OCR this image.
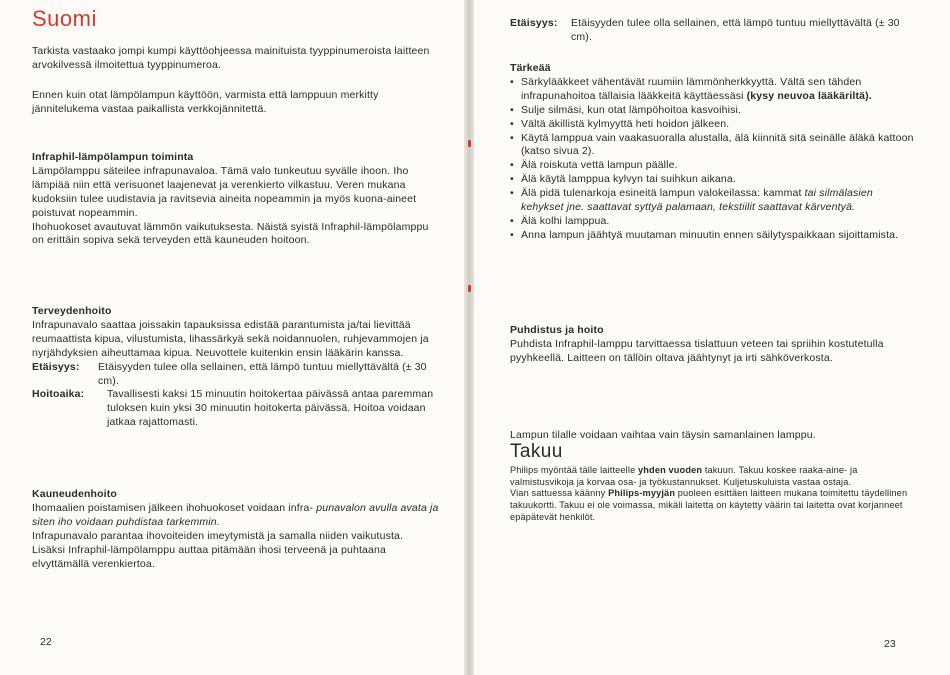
Suomi
Tarkista vastaako jompi kumpi käyttöohjeessa mainituista tyyppinumeroista laitteen arvokilvessä ilmoitettua tyyppinumeroa.
Ennen kuin otat lämpölampun käyttöön, varmista että lamppuun merkitty jännitelukema vastaa paikallista verkkojännitettä.
Infraphil-lämpölampun toiminta
Lämpölamppu säteilee infrapunavaloa. Tämä valo tunkeutuu syvälle ihoon. Iho lämpiää niin että verisuonet laajenevat ja verenkierto vilkastuu. Veren mukana kudoksiin tulee uudistavia ja ravitsevia aineita nopeammin ja myös kuona-aineet poistuvat nopeammin.
Ihohuokoset avautuvat lämmön vaikutuksesta. Näistä syistä Infraphil-lämpölamppu on erittäin sopiva sekä terveyden että kauneuden hoitoon.
Terveydenhoito
Infrapunavalo saattaa joissakin tapauksissa edistää parantumista ja/tai lievittää reumaattista kipua, vilustumista, lihassärkyä sekä noidannuolen, ruhjevammojen ja nyrjähdyksien aiheuttamaa kipua. Neuvottele kuitenkin ensin lääkärin kanssa.
Etäisyys:	Etäisyyden tulee olla sellainen, että lämpö tuntuu miellyttävältä (± 30 cm).
Hoitoaika:	Tavallisesti kaksi 15 minuutin hoitokertaa päivässä antaa paremman tuloksen kuin yksi 30 minuutin hoitokerta päivässä. Hoitoa voidaan jatkaa rajattomasti.
Kauneudenhoito
Ihomaalien poistamisen jälkeen ihohuokoset voidaan infra- punavalon avulla avata ja siten iho voidaan puhdistaa tarkemmin.
Infrapunavalo parantaa ihovoiteiden imeytymistä ja samalla niiden vaikutusta.
Lisäksi Infraphil-lämpölamppu auttaa pitämään ihosi terveenä ja puhtaana elvyttämällä verenkiertoa.
22
Etäisyys:	Etäisyyden tulee olla sellainen, että lämpö tuntuu miellyttävältä (± 30 cm).
Tärkeää
• Särkylääkkeet vähentävät ruumiin lämmönherkkyyttä. Vältä sen tähden infrapunahoitoa tällaisia lääkkeitä käyttäessäsi (kysy neuvoa lääkäriltä).
• Sulje silmäsi, kun otat lämpöhoitoa kasvoihisi.
• Vältä äkillistä kylmyyttä heti hoidon jälkeen.
• Käytä lamppua vain vaakasuoralla alustalla, älä kiinnitä sitä seinälle äläkä kattoon (katso sivua 2).
• Älä roiskuta vettä lampun päälle.
• Älä käytä lamppua kylvyn tai suihkun aikana.
• Älä pidä tulenarkoja esineitä lampun valokeilassa: kammat tai silmälasien kehykset jne. saattavat syttyä palamaan, tekstiilit saattavat kärventyä.
• Älä kolhi lamppua.
• Anna lampun jäähtyä muutaman minuutin ennen säilytyspaikkaan sijoittamista.
Puhdistus ja hoito
Puhdista Infraphil-lamppu tarvittaessa tislattuun veteen tai spriihin kostutetulla pyyhkeellä. Laitteen on tällöin oltava jäähtynyt ja irti sähköverkosta.
Lampun tilalle voidaan vaihtaa vain täysin samanlainen lamppu.
Takuu
Philips myöntää tälle laitteelle yhden vuoden takuun. Takuu koskee raaka-aine- ja valmistusvikoja ja korvaa osa- ja työkustannukset. Kuljetuskuluista vastaa ostaja.
Vian sattuessa käänny Philips-myyjän puoleen esittäen laitteen mukana toimitettu täydellinen takuukortti. Takuu ei ole voimassa, mikäli laitetta on käytetty väärin tai laitetta ovat korjanneet epäpätevät henkilöt.
23
